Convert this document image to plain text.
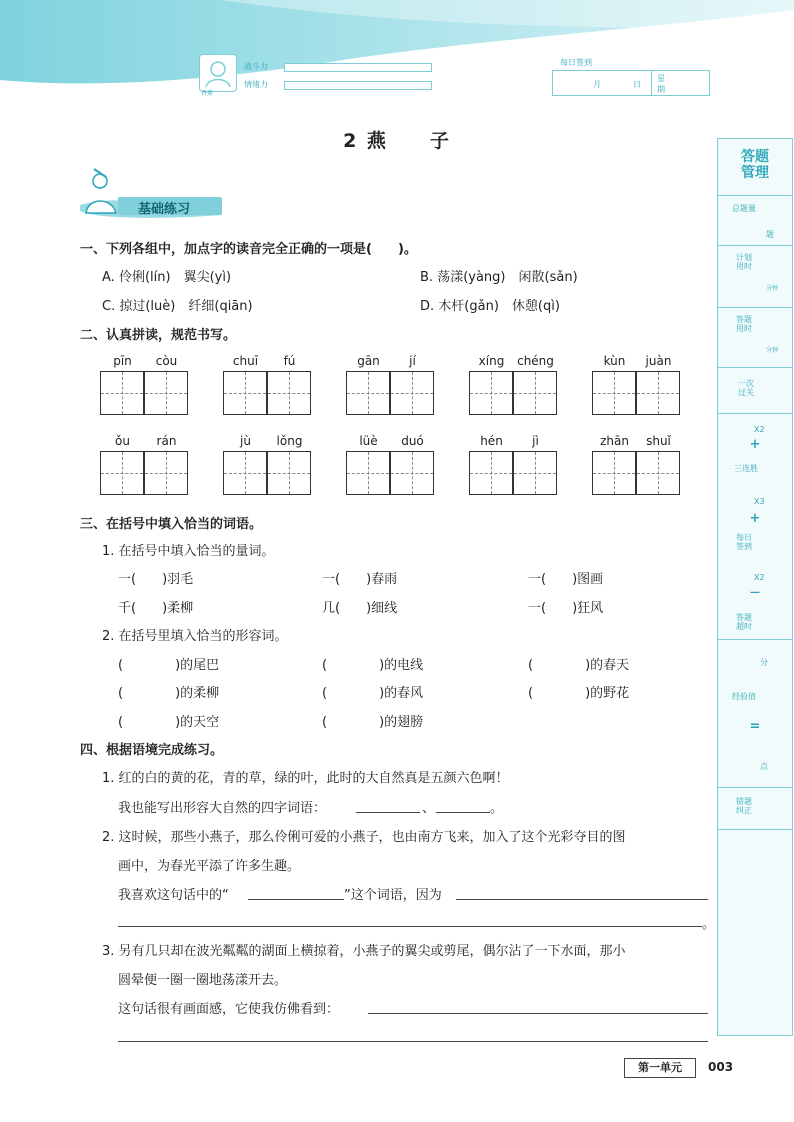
香蕉
战斗力
情绪力
每日签到
月	日
星
期
2 燕　　子
基础练习
一、下列各组中，加点字的读音完全正确的一项是(　　)。
A. 伶俐(lín)　 翼尖(yì)	B. 荡漾(yàng)　 闲散(sǎn)
C. 掠过(luè)　 纤细(qiān)	D. 木杆(gǎn)　 休憩(qì)
二、认真拼读，规范书写。
pīn	còu	chuī	fú	gān	jí	xíng	chéng	kùn	juàn
ǒu	rán	jù	lǒng	lüè	duó	hén	jì	zhān	shuǐ
三、在括号中填入恰当的词语。
1. 在括号中填入恰当的量词。
一(　　)羽毛	一(　　)春雨	一(　　)图画
千(　　)柔柳	几(　　)细线	一(　　)狂风
2. 在括号里填入恰当的形容词。
(　　　　)的尾巴	(　　　　)的电线	(　　　　)的春天
(　　　　)的柔柳	(　　　　)的春风	(　　　　)的野花
(　　　　)的天空	(　　　　)的翅膀
四、根据语境完成练习。
1. 红的白的黄的花，青的草，绿的叶，此时的大自然真是五颜六色啊！
我也能写出形容大自然的四字词语：	、	。
2. 这时候，那些小燕子，那么伶俐可爱的小燕子，也由南方飞来，加入了这个光彩夺目的图
画中，为春光平添了许多生趣。
我喜欢这句话中的“	”这个词语，因为
。
3. 另有几只却在波光粼粼的湖面上横掠着，小燕子的翼尖或剪尾，偶尔沾了一下水面，那小
圆晕便一圈一圈地荡漾开去。
这句话很有画面感，它使我仿佛看到：
答题
管理
总题量
题
计划
用时
分钟
答题
用时
分钟
一次
过关
X2
+
三连胜
X3
+
每日
签到
X2
—
答题
超时
分
经验值
=
点
错题
纠正
第一单元	003
